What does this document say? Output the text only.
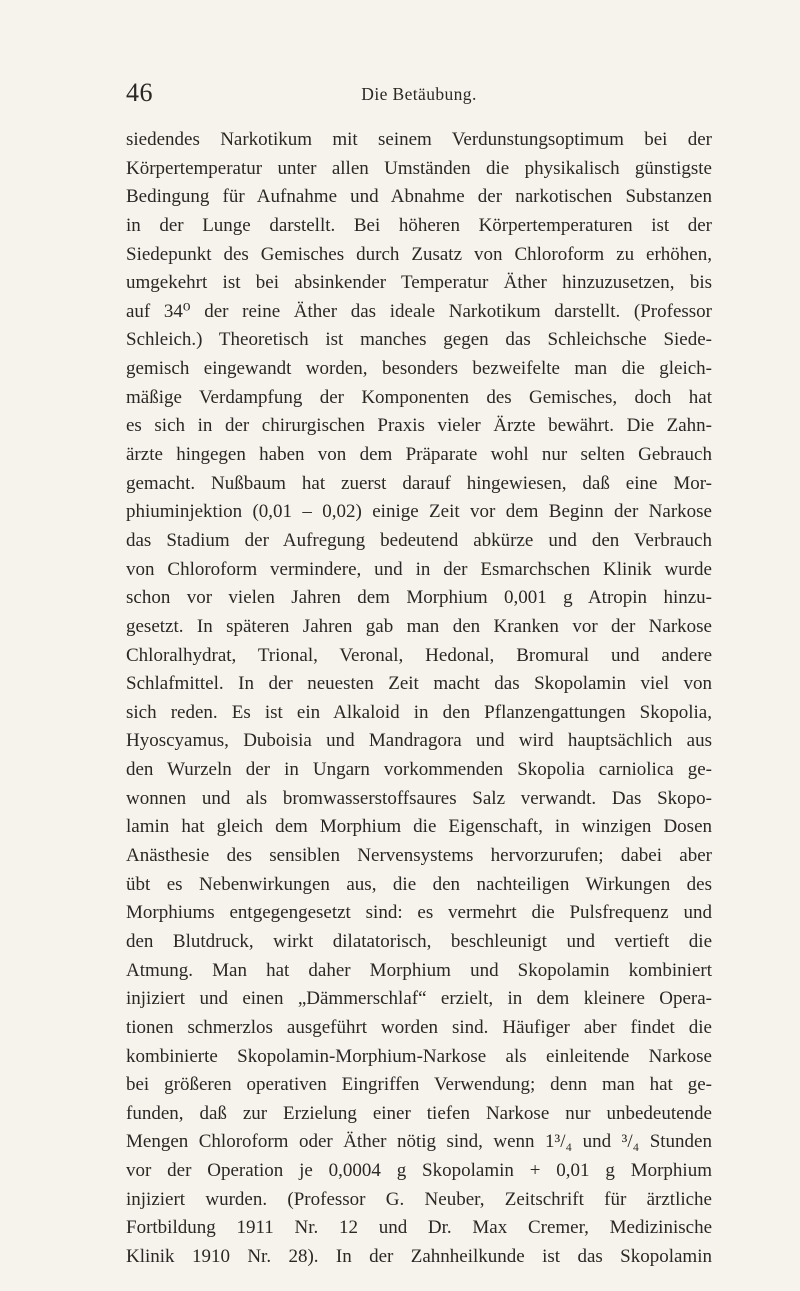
46	Die Betäubung.
siedendes Narkotikum mit seinem Verdunstungsoptimum bei der
Körpertemperatur unter allen Umständen die physikalisch günstigste
Bedingung für Aufnahme und Abnahme der narkotischen Substanzen
in der Lunge darstellt. Bei höheren Körpertemperaturen ist der
Siedepunkt des Gemisches durch Zusatz von Chloroform zu erhöhen,
umgekehrt ist bei absinkender Temperatur Äther hinzuzusetzen, bis
auf 34⁰ der reine Äther das ideale Narkotikum darstellt. (Professor
Schleich.) Theoretisch ist manches gegen das Schleichsche Siede-
gemisch eingewandt worden, besonders bezweifelte man die gleich-
mäßige Verdampfung der Komponenten des Gemisches, doch hat
es sich in der chirurgischen Praxis vieler Ärzte bewährt. Die Zahn-
ärzte hingegen haben von dem Präparate wohl nur selten Gebrauch
gemacht. Nußbaum hat zuerst darauf hingewiesen, daß eine Mor-
phiuminjektion (0,01 – 0,02) einige Zeit vor dem Beginn der Narkose
das Stadium der Aufregung bedeutend abkürze und den Verbrauch
von Chloroform vermindere, und in der Esmarchschen Klinik wurde
schon vor vielen Jahren dem Morphium 0,001 g Atropin hinzu-
gesetzt. In späteren Jahren gab man den Kranken vor der Narkose
Chloralhydrat, Trional, Veronal, Hedonal, Bromural und andere
Schlafmittel. In der neuesten Zeit macht das Skopolamin viel von
sich reden. Es ist ein Alkaloid in den Pflanzengattungen Skopolia,
Hyoscyamus, Duboisia und Mandragora und wird hauptsächlich aus
den Wurzeln der in Ungarn vorkommenden Skopolia carniolica ge-
wonnen und als bromwasserstoffsaures Salz verwandt. Das Skopo-
lamin hat gleich dem Morphium die Eigenschaft, in winzigen Dosen
Anästhesie des sensiblen Nervensystems hervorzurufen; dabei aber
übt es Nebenwirkungen aus, die den nachteiligen Wirkungen des
Morphiums entgegengesetzt sind: es vermehrt die Pulsfrequenz und
den Blutdruck, wirkt dilatatorisch, beschleunigt und vertieft die
Atmung. Man hat daher Morphium und Skopolamin kombiniert
injiziert und einen „Dämmerschlaf“ erzielt, in dem kleinere Opera-
tionen schmerzlos ausgeführt worden sind. Häufiger aber findet die
kombinierte Skopolamin-Morphium-Narkose als einleitende Narkose
bei größeren operativen Eingriffen Verwendung; denn man hat ge-
funden, daß zur Erzielung einer tiefen Narkose nur unbedeutende
Mengen Chloroform oder Äther nötig sind, wenn 1³/₄ und ³/₄ Stunden
vor der Operation je 0,0004 g Skopolamin + 0,01 g Morphium
injiziert wurden. (Professor G. Neuber, Zeitschrift für ärztliche
Fortbildung 1911 Nr. 12 und Dr. Max Cremer, Medizinische
Klinik 1910 Nr. 28). In der Zahnheilkunde ist das Skopolamin
